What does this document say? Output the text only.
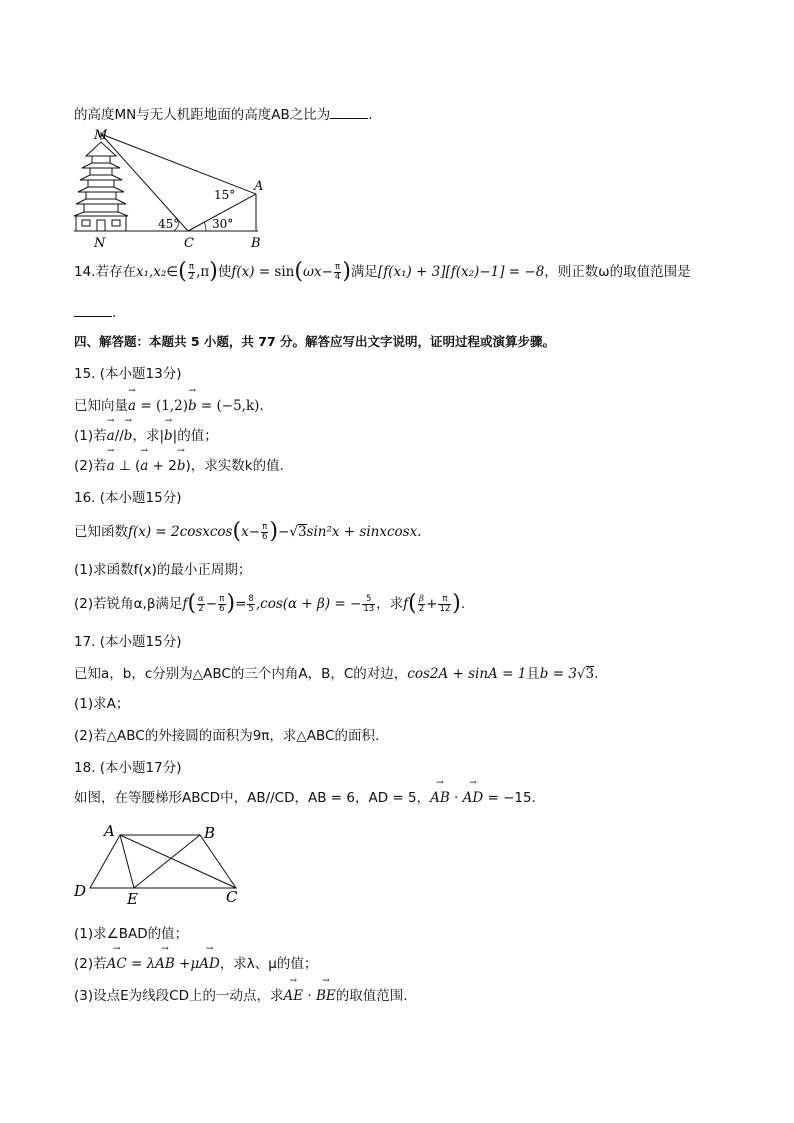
的高度MN与无人机距地面的高度AB之比为	.
M
A
N	C	B
15°
45°	30°
14.若存在x₁,x₂∈( $\frac{\pi}{2} ,\pi$)使$f(x) = \sin(\omega x- \frac{\pi}{4}$ )满足[f(x₁) + 3][f(x₂)−1] = −8，则正数ω的取值范围是
.
四、解答题：本题共 5 小题，共 77 分。解答应写出文字说明，证明过程或演算步骤。
15. (本小题13分)
已知向量→ a = (1,2)→ b = (−5,k).
(1)若→ a//→ b，求|→ b|的值；
(2)若→ a ⊥ (→ a + 2→ b)，求实数k的值.
16. (本小题15分)
已知函数f(x) = 2cosxcos(x− $\frac{\pi}{6} )-√3\sin^2x$ + sinxcosx.
(1)求函数f(x)的最小正周期；
(2)若锐角α,β满足$f( \frac{\alpha}{2} - \frac{\pi}{6}$ )= $\frac{8}{5} ,\cos(\alpha + \beta)$ = − $\frac{5}{13}$ ，求$f( \frac{\beta}{2} + \frac{\pi}{12}$ ).
17. (本小题15分)
已知a，b，c分别为△ABC的三个内角A，B，C的对边，cos2A + sinA = 1且b = 3√3.
(1)求A；
(2)若△ABC的外接圆的面积为9π，求△ABC的面积.
18. (本小题17分)
如图，在等腰梯形ABCD中，AB//CD，AB = 6，AD = 5，→ AB · → AD = −15.
A	B
C
D	E
(1)求∠BAD的值；
(2)若→ AC = λ→ AB +μ→ AD，求λ、μ的值；
(3)设点E为线段CD上的一动点，求→ AE · → BE的取值范围.
